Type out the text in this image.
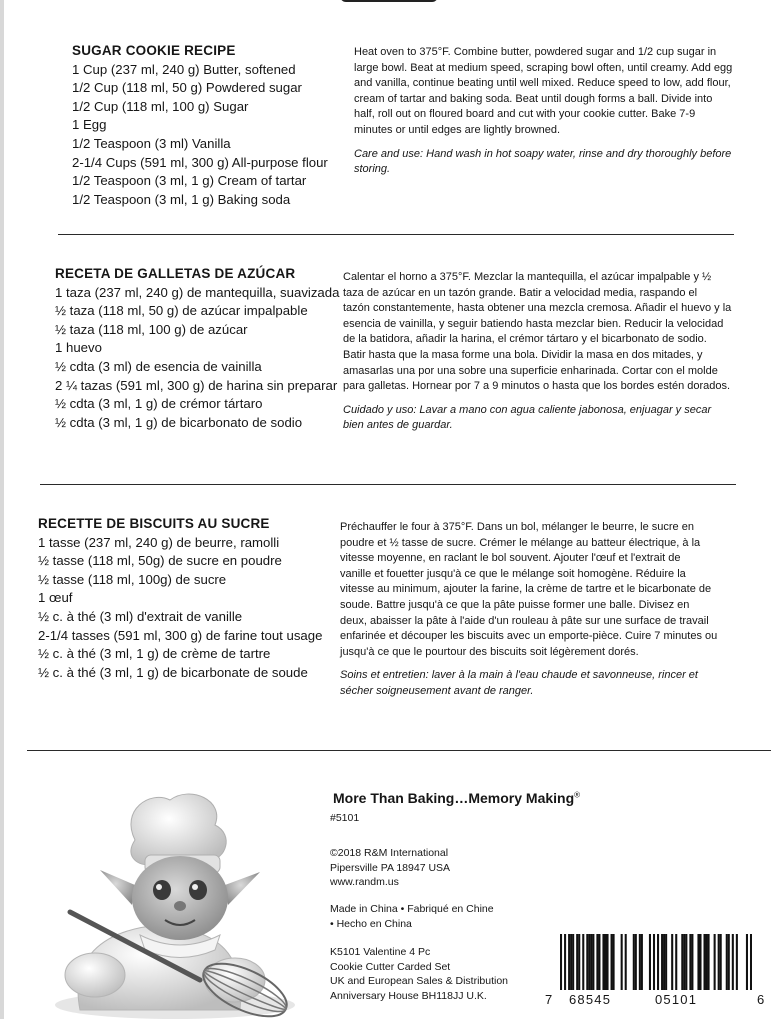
SUGAR COOKIE RECIPE
1 Cup (237 ml, 240 g) Butter, softened
1/2 Cup (118 ml, 50 g) Powdered sugar
1/2 Cup (118 ml, 100 g) Sugar
1 Egg
1/2 Teaspoon (3 ml) Vanilla
2-1/4 Cups (591 ml, 300 g) All-purpose flour
1/2 Teaspoon (3 ml, 1 g) Cream of tartar
1/2 Teaspoon (3 ml, 1 g) Baking soda
Heat oven to 375°F. Combine butter, powdered sugar and 1/2 cup sugar in
large bowl. Beat at medium speed, scraping bowl often, until creamy. Add egg
and vanilla, continue beating until well mixed. Reduce speed to low, add flour,
cream of tartar and baking soda. Beat until dough forms a ball. Divide into
half, roll out on floured board and cut with your cookie cutter. Bake 7-9
minutes or until edges are lightly browned.
Care and use: Hand wash in hot soapy water, rinse and dry thoroughly before
storing.
RECETA DE GALLETAS DE AZÚCAR
1 taza (237 ml, 240 g) de mantequilla, suavizada
½ taza (118 ml, 50 g) de azúcar impalpable
½ taza (118 ml, 100 g) de azúcar
1 huevo
½ cdta (3 ml) de esencia de vainilla
2 ¼ tazas (591 ml, 300 g) de harina sin preparar
½ cdta (3 ml, 1 g) de crémor tártaro
½ cdta (3 ml, 1 g) de bicarbonato de sodio
Calentar el horno a 375°F. Mezclar la mantequilla, el azúcar impalpable y ½
taza de azúcar en un tazón grande. Batir a velocidad media, raspando el
tazón constantemente, hasta obtener una mezcla cremosa. Añadir el huevo y la
esencia de vainilla, y seguir batiendo hasta mezclar bien. Reducir la velocidad
de la batidora, añadir la harina, el crémor tártaro y el bicarbonato de sodio.
Batir hasta que la masa forme una bola. Dividir la masa en dos mitades, y
amasarlas una por una sobre una superficie enharinada. Cortar con el molde
para galletas. Hornear por 7 a 9 minutos o hasta que los bordes estén dorados.
Cuidado y uso: Lavar a mano con agua caliente jabonosa, enjuagar y secar
bien antes de guardar.
RECETTE DE BISCUITS AU SUCRE
1 tasse (237 ml, 240 g) de beurre, ramolli
½ tasse (118 ml, 50g) de sucre en poudre
½ tasse (118 ml, 100g) de sucre
1 œuf
½ c. à thé (3 ml) d'extrait de vanille
2-1/4 tasses (591 ml, 300 g) de farine tout usage
½ c. à thé (3 ml, 1 g) de crème de tartre
½ c. à thé (3 ml, 1 g) de bicarbonate de soude
Préchauffer le four à 375°F. Dans un bol, mélanger le beurre, le sucre en
poudre et ½ tasse de sucre. Crémer le mélange au batteur électrique, à la
vitesse moyenne, en raclant le bol souvent. Ajouter l'œuf et l'extrait de
vanille et fouetter jusqu'à ce que le mélange soit homogène. Réduire la
vitesse au minimum, ajouter la farine, la crème de tartre et le bicarbonate de
soude. Battre jusqu'à ce que la pâte puisse former une balle. Divisez en
deux, abaisser la pâte à l'aide d'un rouleau à pâte sur une surface de travail
enfarinée et découper les biscuits avec un emporte-pièce. Cuire 7 minutes ou
jusqu'à ce que le pourtour des biscuits soit légèrement dorés.
Soins et entretien: laver à la main à l'eau chaude et savonneuse, rincer et
sécher soigneusement avant de ranger.
More Than Baking…Memory Making®
#5101
©2018 R&M International
Pipersville PA 18947 USA
www.randm.us
Made in China • Fabriqué en Chine
• Hecho en China
K5101 Valentine 4 Pc
Cookie Cutter Carded Set
UK and European Sales & Distribution
Anniversary House BH118JJ U.K.	7 68545	05101	6
